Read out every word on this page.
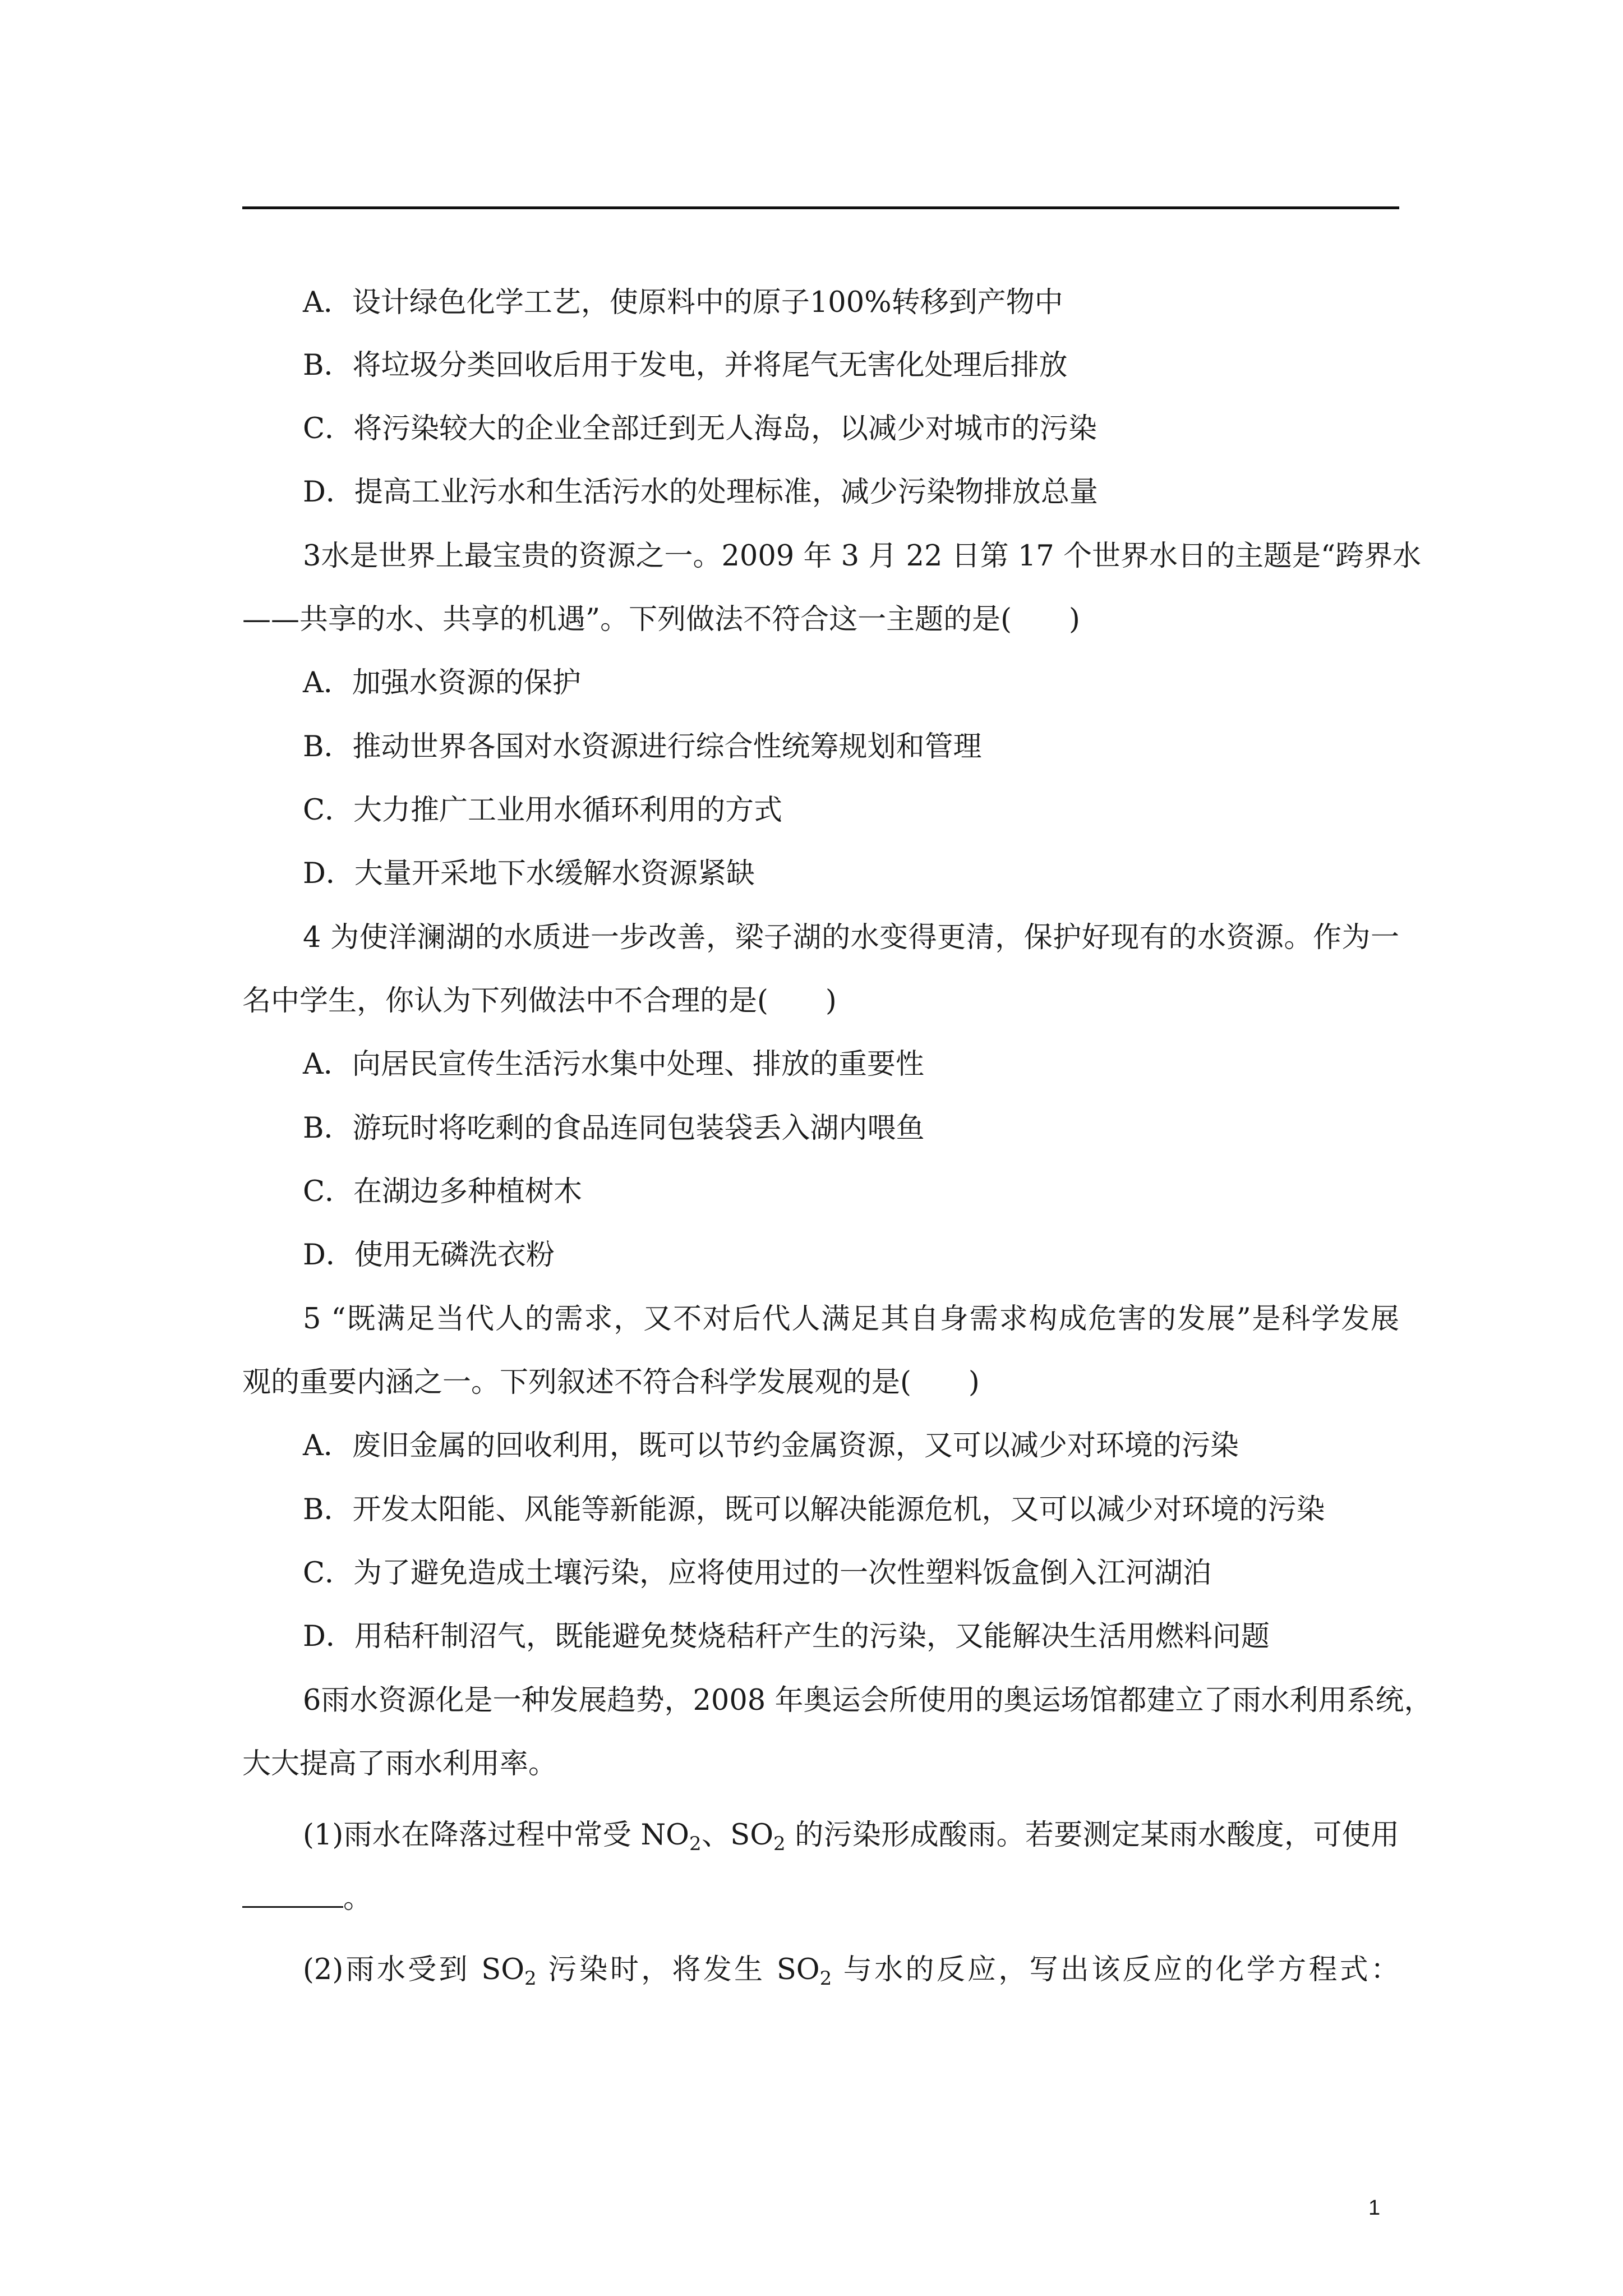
A．设计绿色化学工艺，使原料中的原子100%转移到产物中
B．将垃圾分类回收后用于发电，并将尾气无害化处理后排放
C．将污染较大的企业全部迁到无人海岛，以减少对城市的污染
D．提高工业污水和生活污水的处理标准，减少污染物排放总量
3水是世界上最宝贵的资源之一。2009 年 3 月 22 日第 17 个世界水日的主题是“跨界水
——共享的水、共享的机遇”。下列做法不符合这一主题的是(　　)
A．加强水资源的保护
B．推动世界各国对水资源进行综合性统筹规划和管理
C．大力推广工业用水循环利用的方式
D．大量开采地下水缓解水资源紧缺
4 为使洋澜湖的水质进一步改善，梁子湖的水变得更清，保护好现有的水资源。作为一
名中学生，你认为下列做法中不合理的是(　　)
A．向居民宣传生活污水集中处理、排放的重要性
B．游玩时将吃剩的食品连同包装袋丢入湖内喂鱼
C．在湖边多种植树木
D．使用无磷洗衣粉
5 “既满足当代人的需求，又不对后代人满足其自身需求构成危害的发展”是科学发展
观的重要内涵之一。下列叙述不符合科学发展观的是(　　)
A．废旧金属的回收利用，既可以节约金属资源，又可以减少对环境的污染
B．开发太阳能、风能等新能源，既可以解决能源危机，又可以减少对环境的污染
C．为了避免造成土壤污染，应将使用过的一次性塑料饭盒倒入江河湖泊
D．用秸秆制沼气，既能避免焚烧秸秆产生的污染，又能解决生活用燃料问题
6雨水资源化是一种发展趋势，2008 年奥运会所使用的奥运场馆都建立了雨水利用系统，
大大提高了雨水利用率。
(1)雨水在降落过程中常受 $NO_2$、$SO_2$ 的污染形成酸雨。若要测定某雨水酸度，可使用
。
(2)雨水受到 $SO_2$ 污染时，将发生 $SO_2$ 与水的反应，写出该反应的化学方程式：
1
